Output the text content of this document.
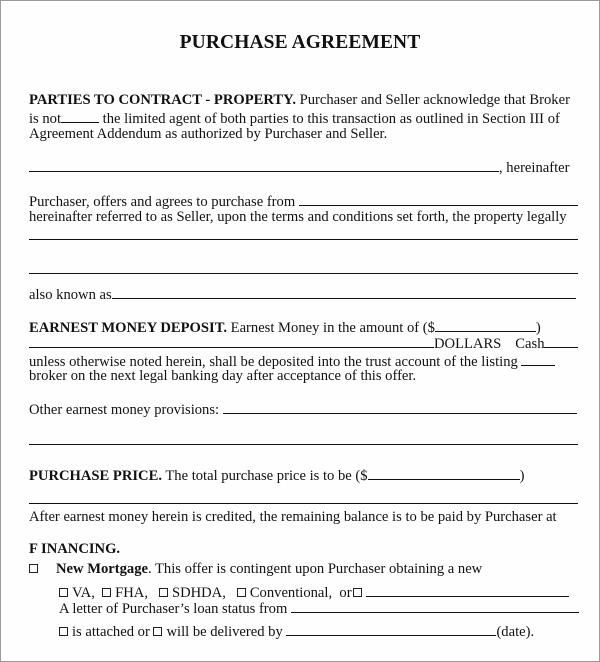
PURCHASE AGREEMENT
PARTIES TO CONTRACT - PROPERTY. Purchaser and Seller acknowledge that Broker
is not	the limited agent of both parties to this transaction as outlined in Section III of
Agreement Addendum as authorized by Purchaser and Seller.
, hereinafter
Purchaser, offers and agrees to purchase from
hereinafter referred to as Seller, upon the terms and conditions set forth, the property legally
also known as
EARNEST MONEY DEPOSIT. Earnest Money in the amount of ($	)
DOLLARS Cash
unless otherwise noted herein, shall be deposited into the trust account of the listing
broker on the next legal banking day after acceptance of this offer.
Other earnest money provisions:
PURCHASE PRICE. The total purchase price is to be ($	)
After earnest money herein is credited, the remaining balance is to be paid by Purchaser at
F INANCING.
New Mortgage. This offer is contingent upon Purchaser obtaining a new
VA, FHA, SDHDA, Conventional, or
A letter of Purchaser’s loan status from
is attached or will be delivered by	(date).
